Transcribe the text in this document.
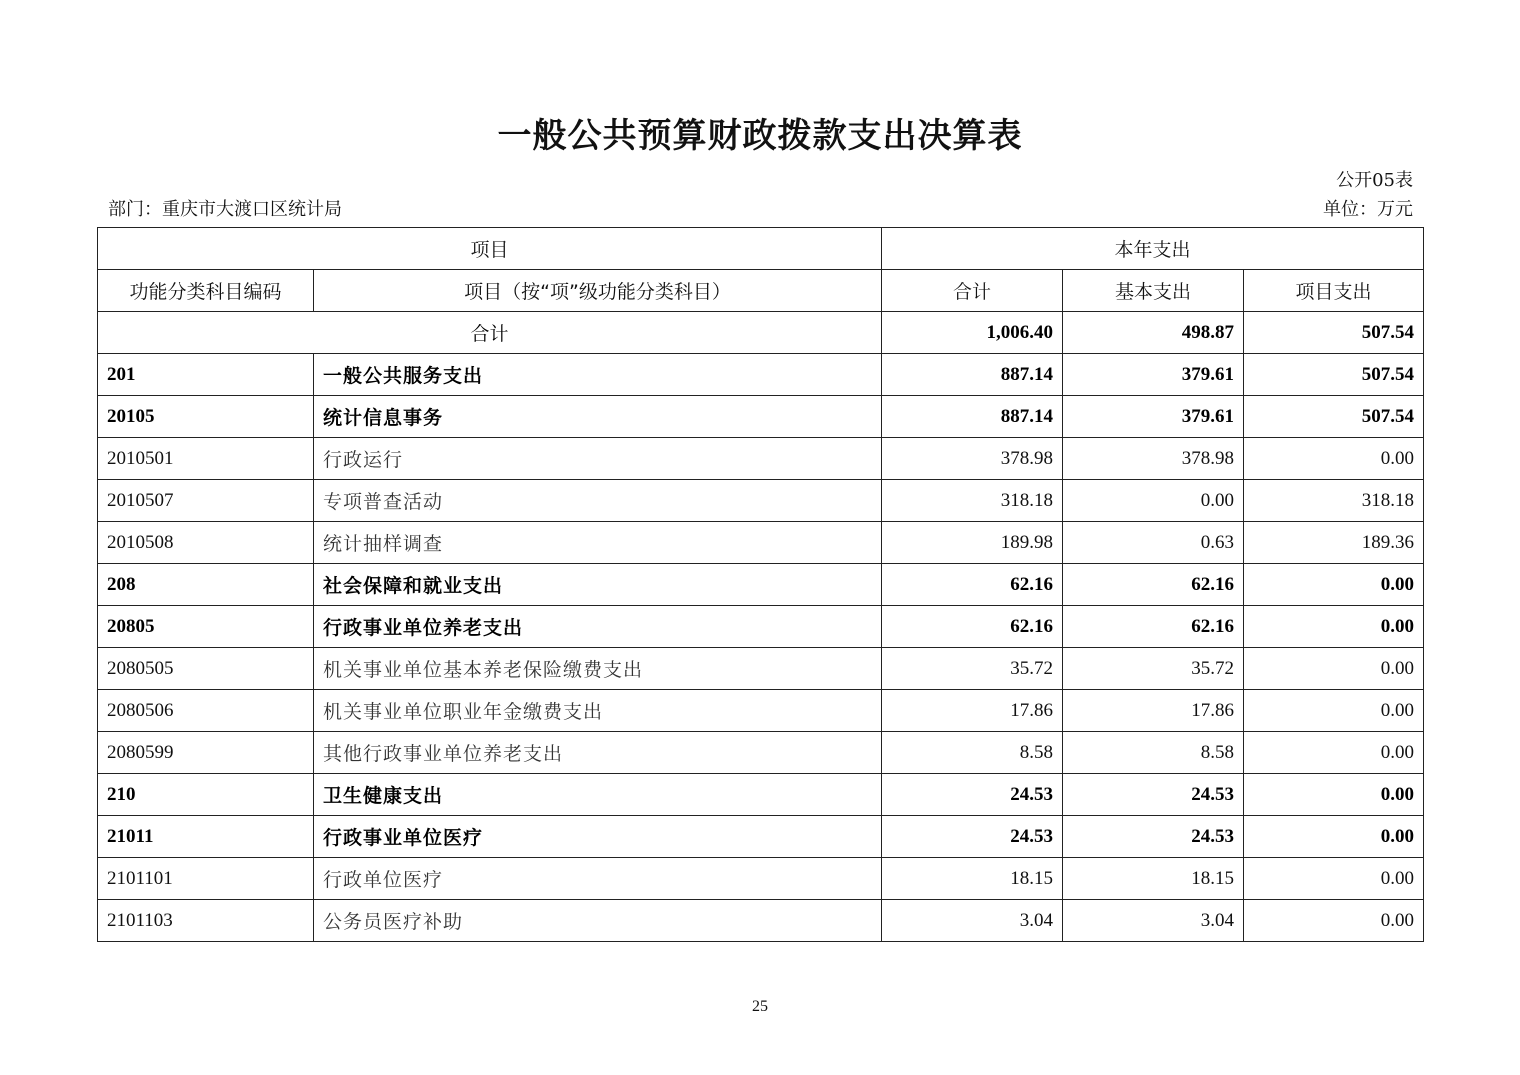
一般公共预算财政拨款支出决算表
公开05表
部门：重庆市大渡口区统计局	单位：万元
项目		本年支出		
功能分类科目编码	项目（按“项”级功能分类科目）	合计	基本支出	项目支出
合计		1,006.40	498.87	507.54
201	一般公共服务支出	887.14	379.61	507.54
20105	统计信息事务	887.14	379.61	507.54
2010501	行政运行	378.98	378.98	0.00
2010507	专项普查活动	318.18	0.00	318.18
2010508	统计抽样调查	189.98	0.63	189.36
208	社会保障和就业支出	62.16	62.16	0.00
20805	行政事业单位养老支出	62.16	62.16	0.00
2080505	机关事业单位基本养老保险缴费支出	35.72	35.72	0.00
2080506	机关事业单位职业年金缴费支出	17.86	17.86	0.00
2080599	其他行政事业单位养老支出	8.58	8.58	0.00
210	卫生健康支出	24.53	24.53	0.00
21011	行政事业单位医疗	24.53	24.53	0.00
2101101	行政单位医疗	18.15	18.15	0.00
2101103	公务员医疗补助	3.04	3.04	0.00
25
